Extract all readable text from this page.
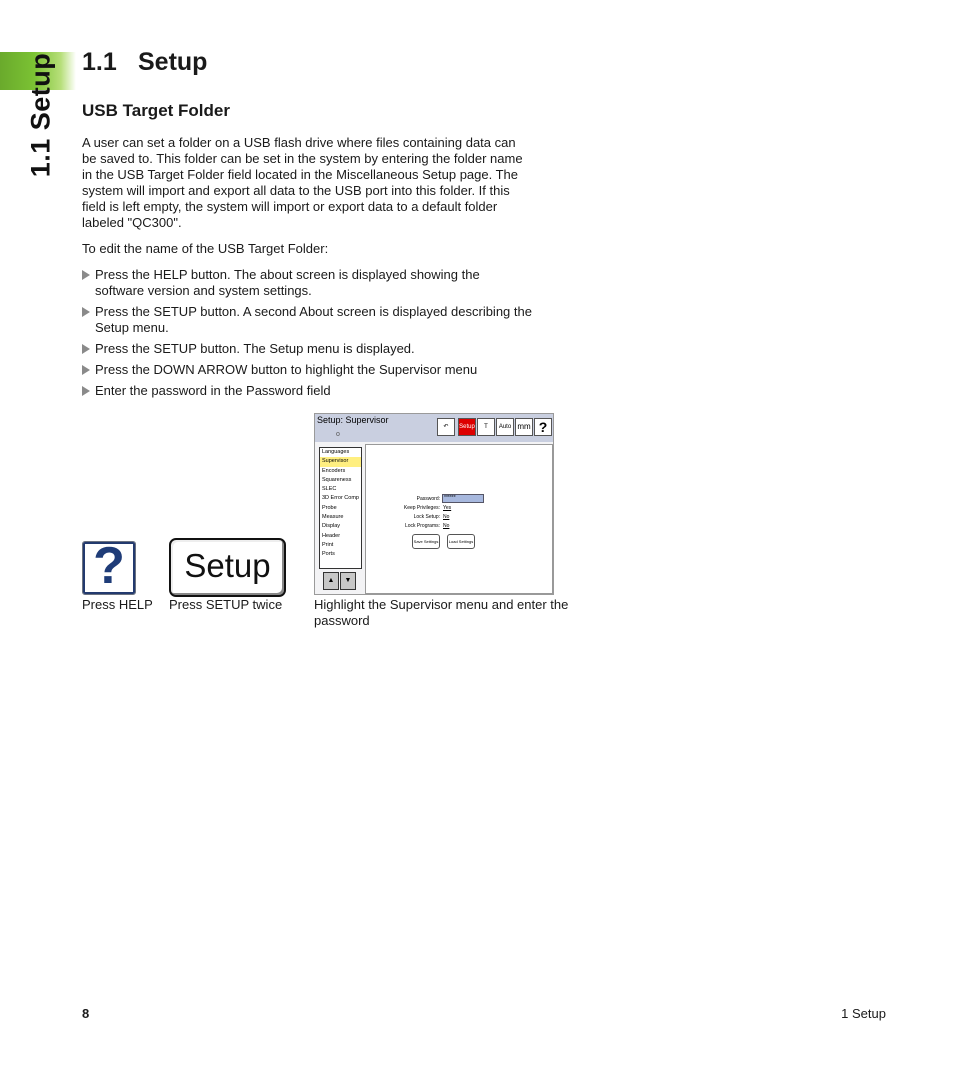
1.1 Setup 1.1 Setup
USB Target Folder

A user can set a folder on a USB flash drive where files containing data can be saved to. This folder can be set in the system by entering the folder name in the USB Target Folder field located in the Miscellaneous Setup page. The system will import and export all data to the USB port into this folder. If this field is left empty, the system will import or export data to a default folder labeled "QC300".

To edit the name of the USB Target Folder:

Press the HELP button. The about screen is displayed showing the software version and system settings.
Press the SETUP button. A second About screen is displayed describing the Setup menu.
Press the SETUP button. The Setup menu is displayed.
Press the DOWN ARROW button to highlight the Supervisor menu
Enter the password in the Password field
?	Setup
Setup: Supervisor
o
↶	Setup	T	Auto mm ?
Languages
Supervisor
Encoders
Squareness
SLEC
3D Error Comp
Probe
Measure
Display
Header
Print
Ports
▲	▼
Password: ******
Keep Privileges: Yes
Lock Setup: No
Lock Programs: No
Save Settings	Load Settings

Press HELP Press SETUP twice Highlight the Supervisor menu and enter the password

8	1 Setup
